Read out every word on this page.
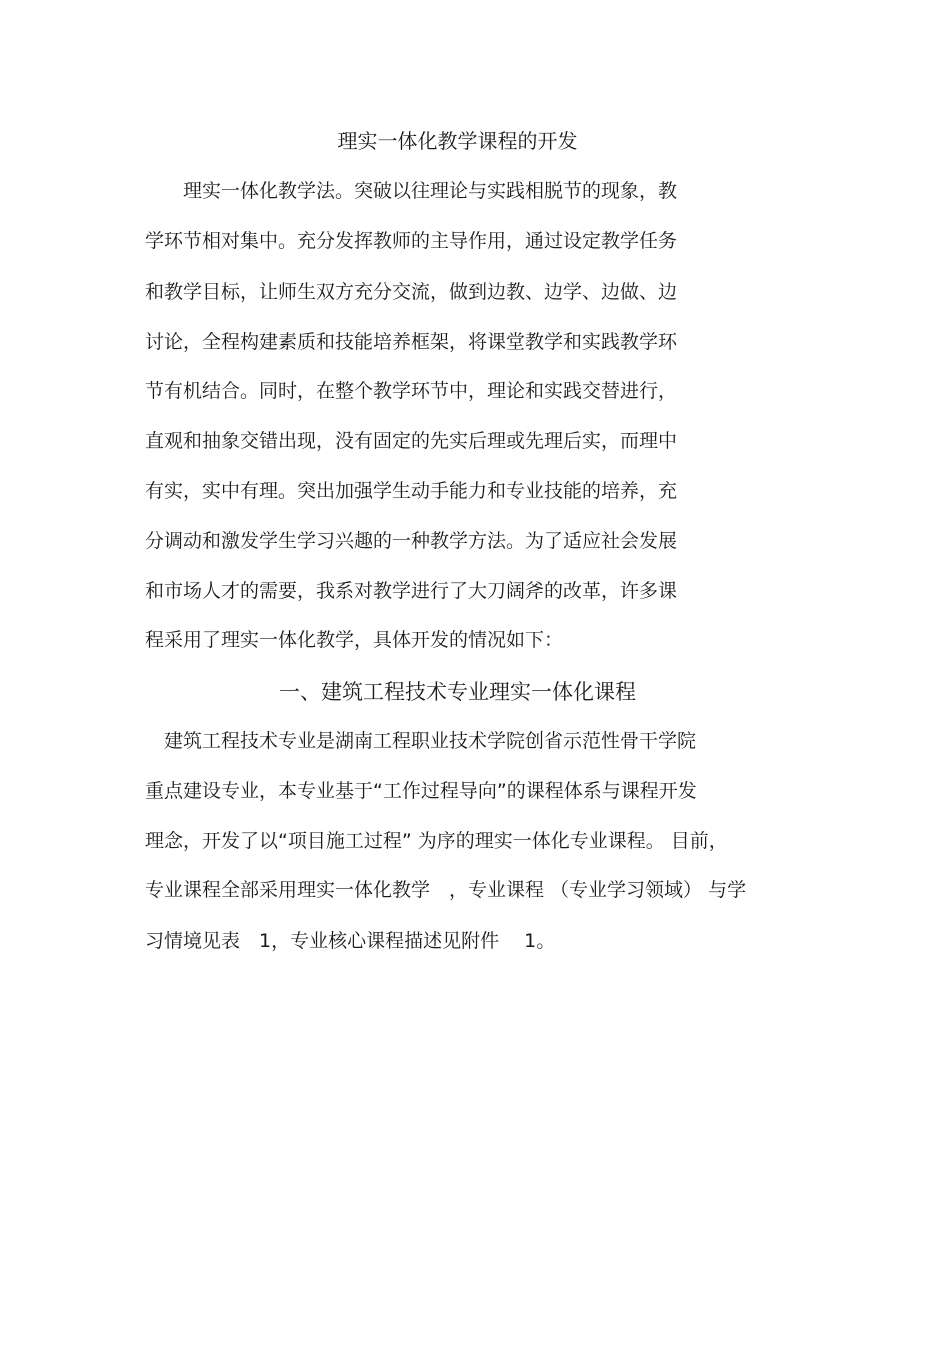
理实一体化教学课程的开发
　　理实一体化教学法。突破以往理论与实践相脱节的现象，教
学环节相对集中。充分发挥教师的主导作用，通过设定教学任务
和教学目标，让师生双方充分交流，做到边教、边学、边做、边
讨论，全程构建素质和技能培养框架，将课堂教学和实践教学环
节有机结合。同时，在整个教学环节中，理论和实践交替进行，
直观和抽象交错出现，没有固定的先实后理或先理后实，而理中
有实，实中有理。突出加强学生动手能力和专业技能的培养，充
分调动和激发学生学习兴趣的一种教学方法。为了适应社会发展
和市场人才的需要，我系对教学进行了大刀阔斧的改革，许多课
程采用了理实一体化教学，具体开发的情况如下：
一、建筑工程技术专业理实一体化课程
　建筑工程技术专业是湖南工程职业技术学院创省示范性骨干学院
重点建设专业，本专业基于“工作过程导向”的课程体系与课程开发
理念，开发了以“项目施工过程” 为序的理实一体化专业课程。 目前，
专业课程全部采用理实一体化教学　，专业课程 （专业学习领域） 与学
习情境见表　1，专业核心课程描述见附件　 1。
